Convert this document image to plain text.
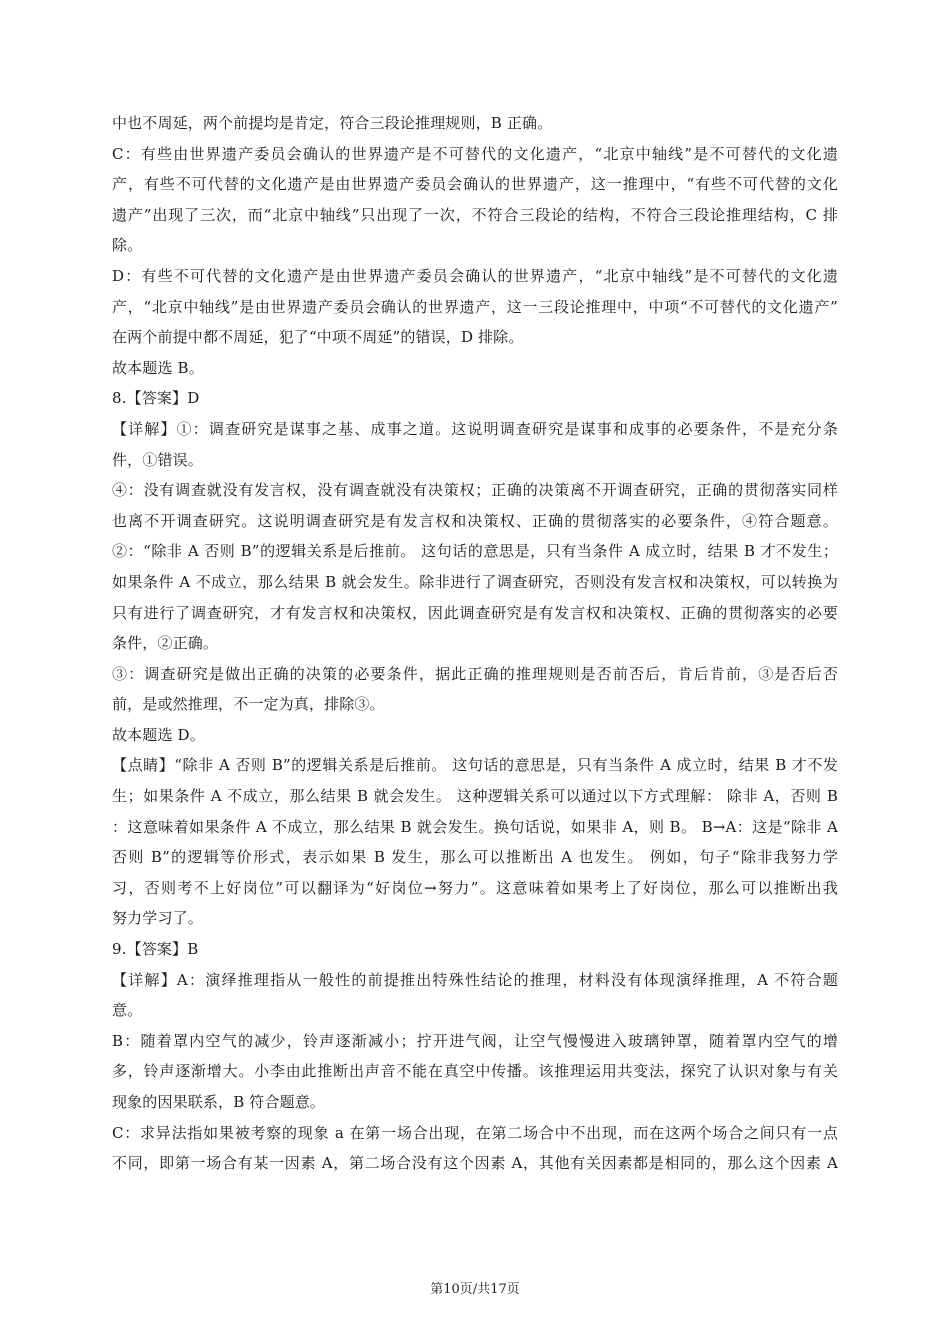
中也不周延，两个前提均是肯定，符合三段论推理规则，B 正确。
C：有些由世界遗产委员会确认的世界遗产是不可替代的文化遗产，“北京中轴线”是不可替代的文化遗
产，有些不可代替的文化遗产是由世界遗产委员会确认的世界遗产，这一推理中，“有些不可代替的文化
遗产”出现了三次，而“北京中轴线”只出现了一次，不符合三段论的结构，不符合三段论推理结构，C 排
除。
D：有些不可代替的文化遗产是由世界遗产委员会确认的世界遗产，“北京中轴线”是不可替代的文化遗
产，“北京中轴线”是由世界遗产委员会确认的世界遗产，这一三段论推理中，中项“不可替代的文化遗产”
在两个前提中都不周延，犯了“中项不周延”的错误，D 排除。
故本题选 B。
8.【答案】D
【详解】①：调查研究是谋事之基、成事之道。这说明调查研究是谋事和成事的必要条件，不是充分条
件，①错误。
④：没有调查就没有发言权，没有调查就没有决策权；正确的决策离不开调查研究，正确的贯彻落实同样
也离不开调查研究。这说明调查研究是有发言权和决策权、正确的贯彻落实的必要条件，④符合题意。
②：“除非 A 否则 B”的逻辑关系是后推前。 这句话的意思是，只有当条件 A 成立时，结果 B 才不发生；
如果条件 A 不成立，那么结果 B 就会发生。除非进行了调查研究，否则没有发言权和决策权，可以转换为
只有进行了调查研究，才有发言权和决策权，因此调查研究是有发言权和决策权、正确的贯彻落实的必要
条件，②正确。
③：调查研究是做出正确的决策的必要条件，据此正确的推理规则是否前否后，肯后肯前，③是否后否
前，是或然推理，不一定为真，排除③。
故本题选 D。
【点睛】“除非 A 否则 B”的逻辑关系是后推前。 这句话的意思是，只有当条件 A 成立时，结果 B 才不发
生；如果条件 A 不成立，那么结果 B 就会发生。 这种逻辑关系可以通过以下方式理解： 除非 A，否则 B
：这意味着如果条件 A 不成立，那么结果 B 就会发生。换句话说，如果非 A，则 B。 B→A：这是“除非 A
否则 B”的逻辑等价形式，表示如果 B 发生，那么可以推断出 A 也发生。 例如，句子“除非我努力学
习，否则考不上好岗位”可以翻译为“好岗位→努力”。这意味着如果考上了好岗位，那么可以推断出我
努力学习了。
9.【答案】B
【详解】A：演绎推理指从一般性的前提推出特殊性结论的推理，材料没有体现演绎推理，A 不符合题
意。
B：随着罩内空气的减少，铃声逐渐减小；拧开进气阀，让空气慢慢进入玻璃钟罩，随着罩内空气的增
多，铃声逐渐增大。小李由此推断出声音不能在真空中传播。该推理运用共变法，探究了认识对象与有关
现象的因果联系，B 符合题意。
C：求异法指如果被考察的现象 a 在第一场合出现，在第二场合中不出现，而在这两个场合之间只有一点
不同，即第一场合有某一因素 A，第二场合没有这个因素 A，其他有关因素都是相同的，那么这个因素 A
第10页/共17页
